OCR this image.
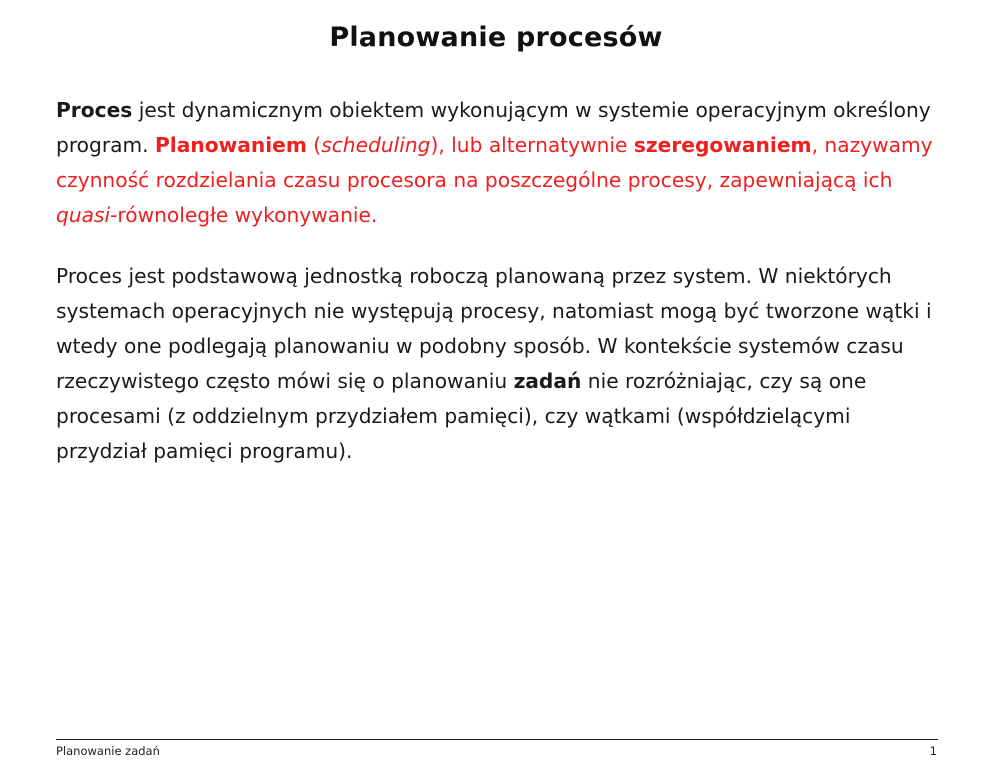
Planowanie procesów

Proces jest dynamicznym obiektem wykonującym w systemie operacyjnym określony program. Planowaniem (scheduling), lub alternatywnie szeregowaniem, nazywamy czynność rozdzielania czasu procesora na poszczególne procesy, zapewniającą ich quasi-równoległe wykonywanie.

Proces jest podstawową jednostką roboczą planowaną przez system. W niektórych systemach operacyjnych nie występują procesy, natomiast mogą być tworzone wątki i wtedy one podlegają planowaniu w podobny sposób. W kontekście systemów czasu rzeczywistego często mówi się o planowaniu zadań nie rozróżniając, czy są one procesami (z oddzielnym przydziałem pamięci), czy wątkami (współdzielącymi przydział pamięci programu).

Planowanie zadań	1
